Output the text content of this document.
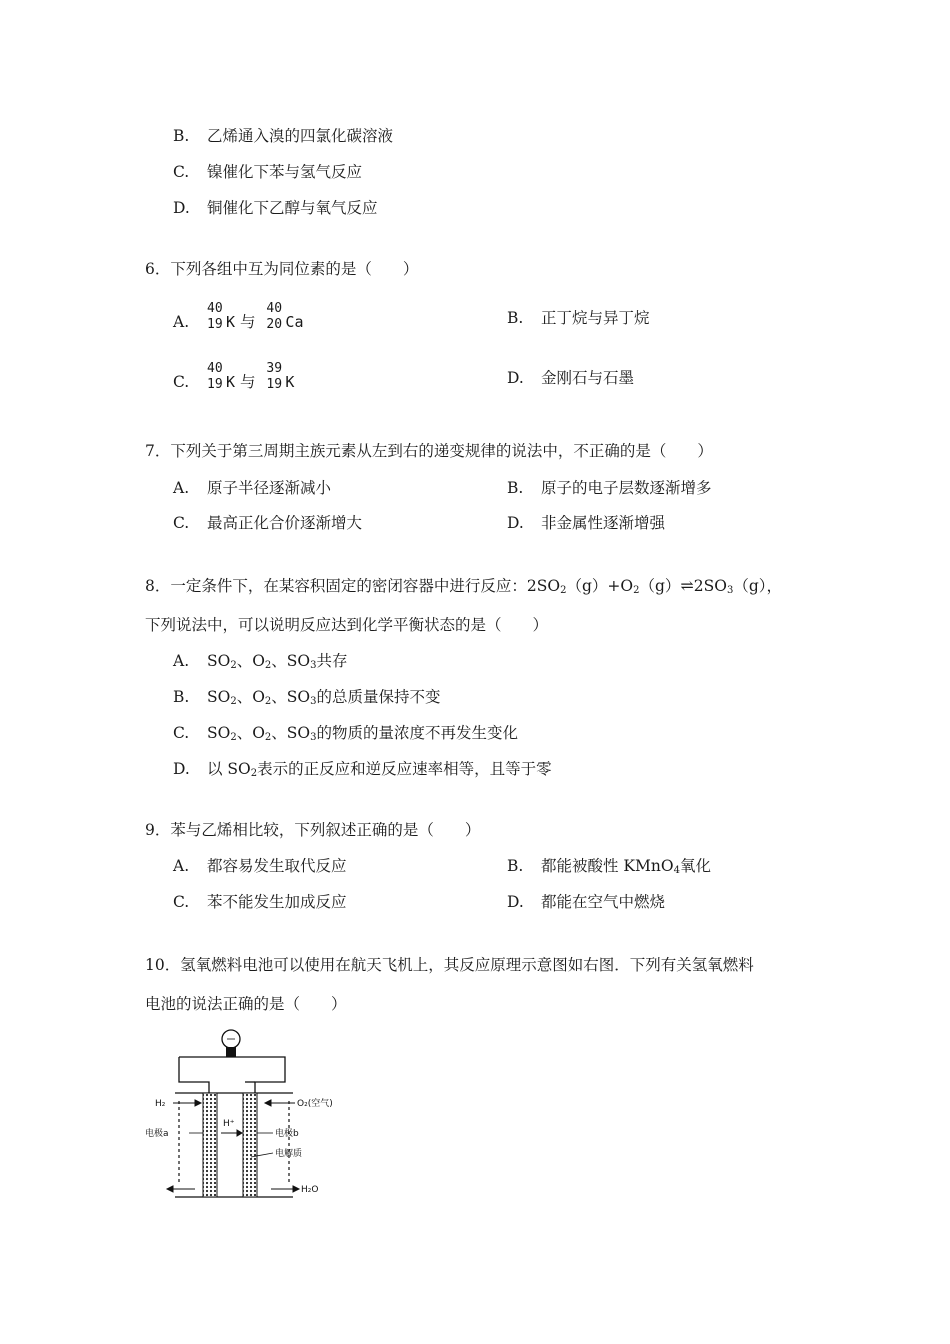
B. 乙烯通入溴的四氯化碳溶液
C. 镍催化下苯与氢气反应
D. 铜催化下乙醇与氧气反应
6．下列各组中互为同位素的是（　　）
A.
40
19 K 与
40
20 Ca	B. 正丁烷与异丁烷
C.
40
19 K 与
39
19 K	D. 金刚石与石墨
7．下列关于第三周期主族元素从左到右的递变规律的说法中，不正确的是（　　）
A. 原子半径逐渐减小	B. 原子的电子层数逐渐增多
C. 最高正化合价逐渐增大	D. 非金属性逐渐增强
8．一定条件下，在某容积固定的密闭容器中进行反应：$2SO_2(g)+O_2(g)\rightleftharpoons 2SO_3(g)$，
下列说法中，可以说明反应达到化学平衡状态的是（　　）
A. $SO_2$、$O_2$、$SO_3$共存
B. $SO_2$、$O_2$、$SO_3$的总质量保持不变
C. $SO_2$、$O_2$、$SO_3$的物质的量浓度不再发生变化
D. 以 $SO_2$表示的正反应和逆反应速率相等，且等于零
9．苯与乙烯相比较，下列叙述正确的是（　　）
A. 都容易发生取代反应	B. 都能被酸性 KMnO$_4$氧化
C. 苯不能发生加成反应	D. 都能在空气中燃烧
10．氢氧燃料电池可以使用在航天飞机上，其反应原理示意图如右图．下列有关氢氧燃料
电池的说法正确的是（　　）
H₂
电极a
H⁺
O₂(空气)
电极b
电解质
H₂O
